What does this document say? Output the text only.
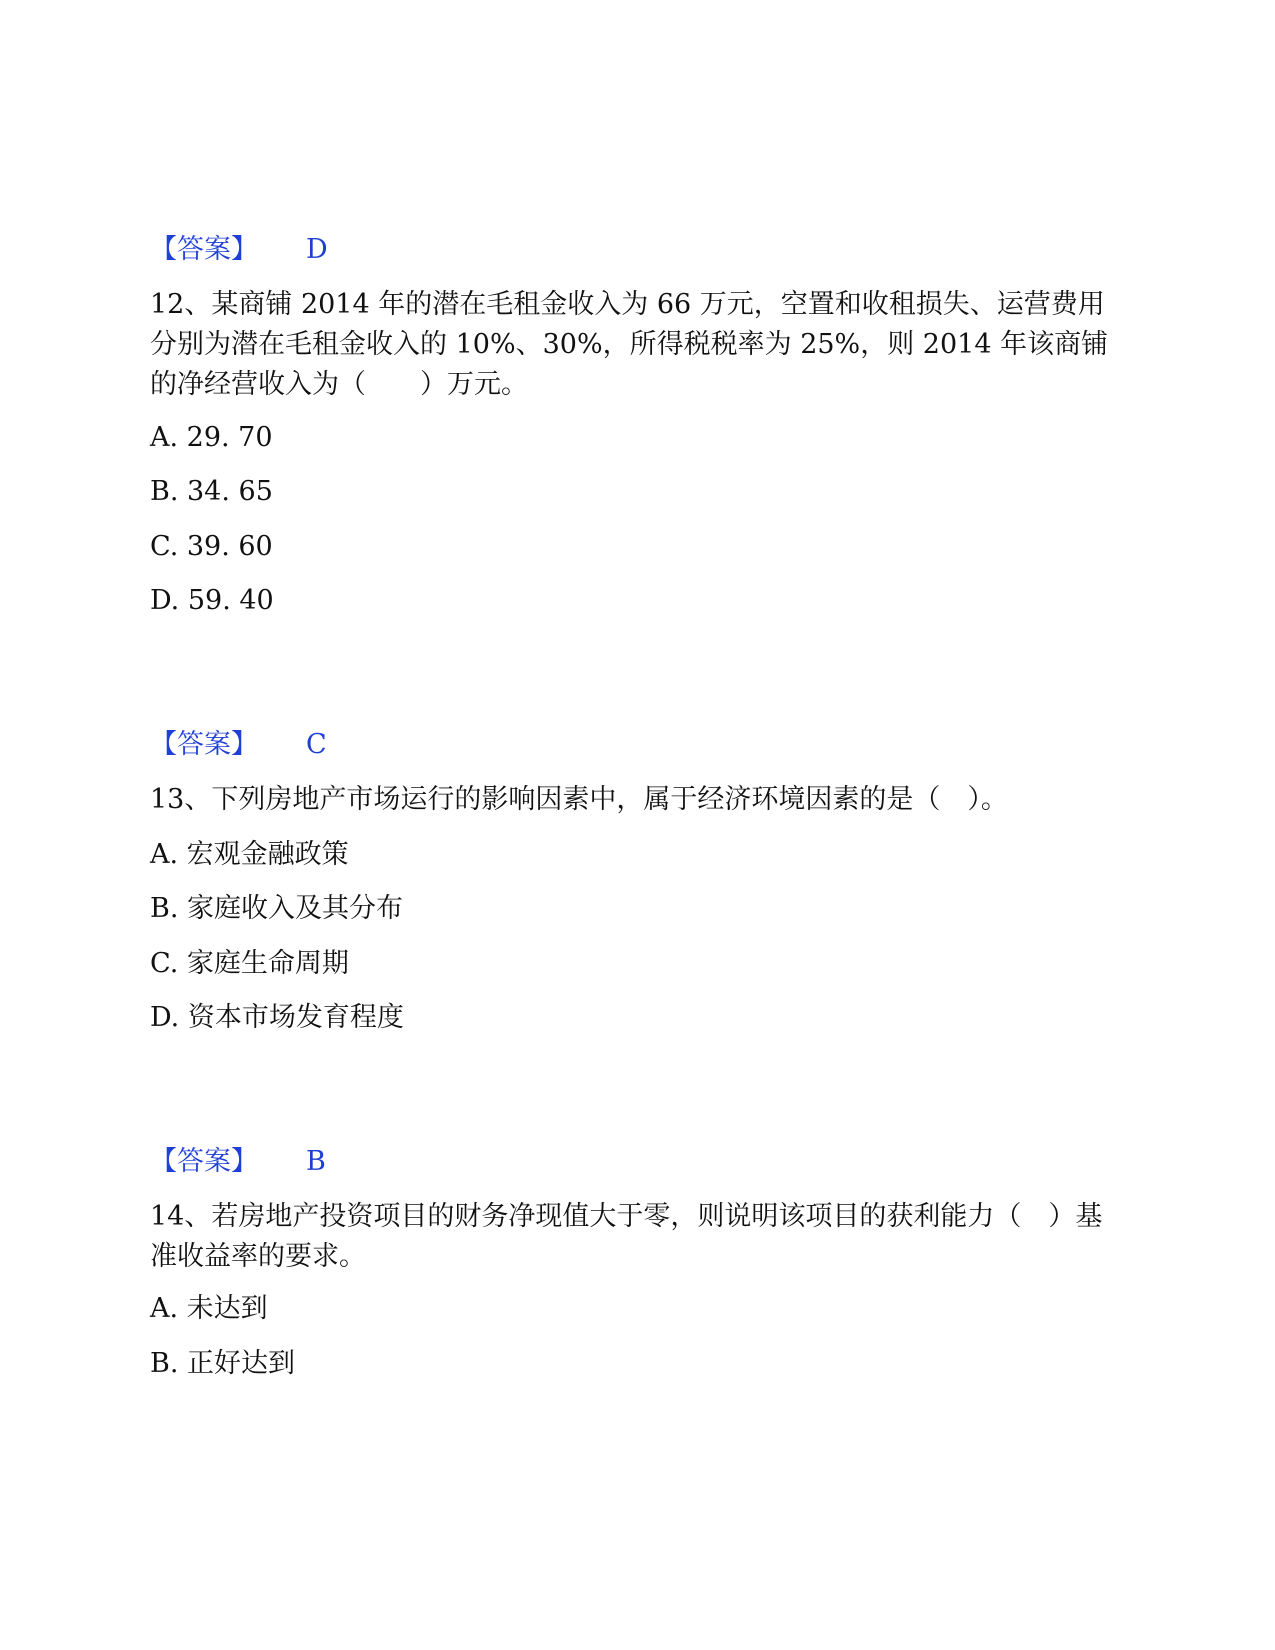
【答案】 D
12、某商铺 2014 年的潜在毛租金收入为 66 万元，空置和收租损失、运营费用分别为潜在毛租金收入的 10%、30%，所得税税率为 25%，则 2014 年该商铺的净经营收入为（　　）万元。
A. 29. 70
B. 34. 65
C. 39. 60
D. 59. 40
【答案】 C
13、下列房地产市场运行的影响因素中，属于经济环境因素的是（　）。
A. 宏观金融政策
B. 家庭收入及其分布
C. 家庭生命周期
D. 资本市场发育程度
【答案】 B
14、若房地产投资项目的财务净现值大于零，则说明该项目的获利能力（　）基准收益率的要求。
A. 未达到
B. 正好达到
